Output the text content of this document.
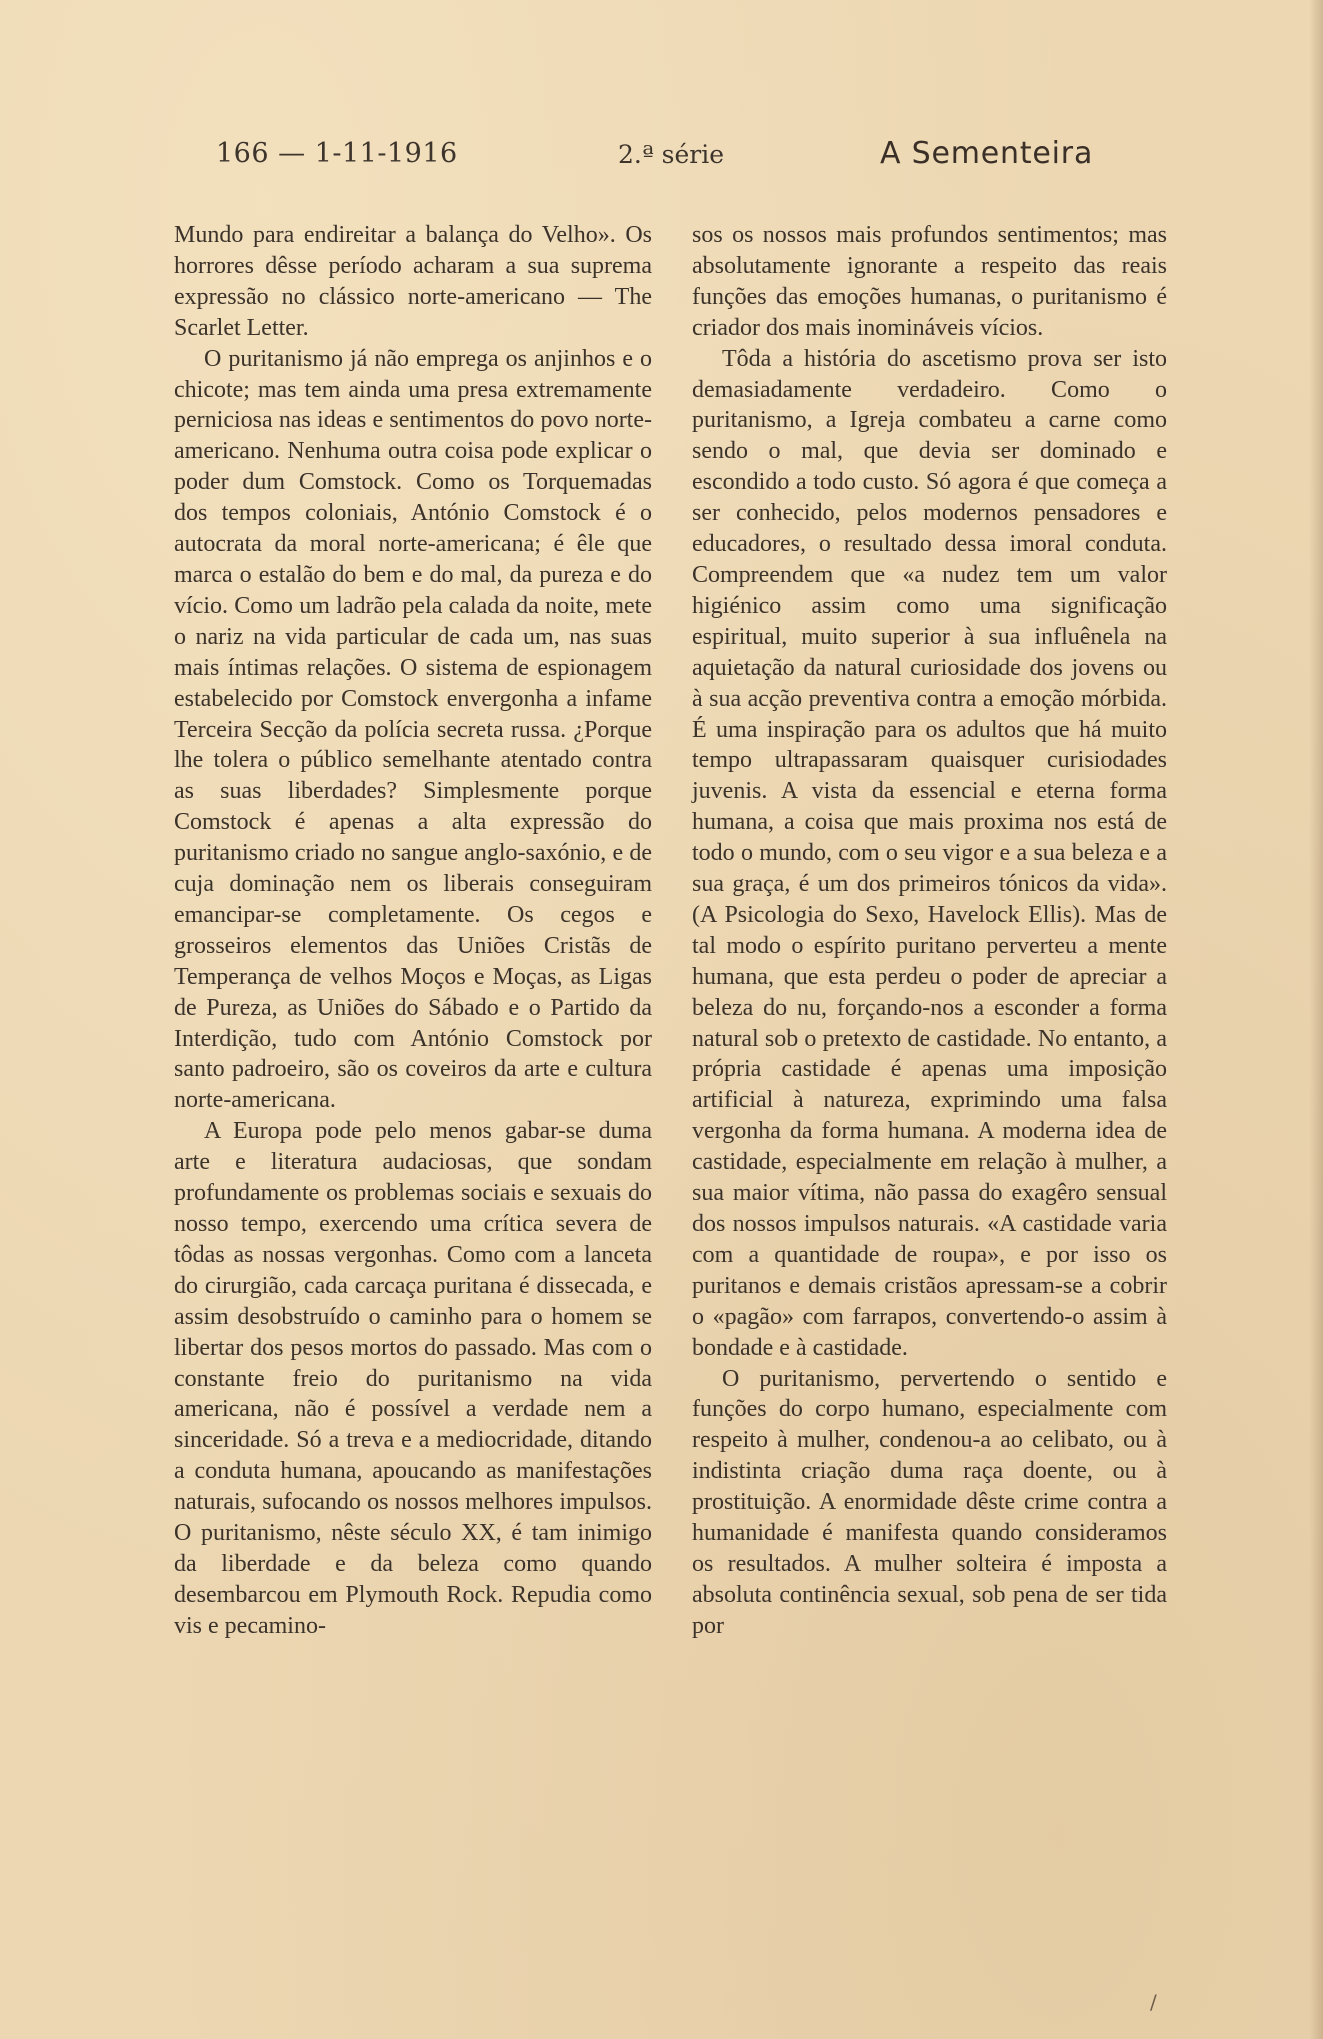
166 — 1-11-1916	2.ª série	A Sementeira

Mundo para endireitar a balança do Velho». Os horrores dêsse período acharam a sua suprema expressão no clássico norte-americano — The Scarlet Letter.

O puritanismo já não emprega os anjinhos e o chicote; mas tem ainda uma presa extremamente perniciosa nas ideas e sentimentos do povo norte-americano. Nenhuma outra coisa pode explicar o poder dum Comstock. Como os Torquemadas dos tempos coloniais, António Comstock é o autocrata da moral norte-americana; é êle que marca o estalão do bem e do mal, da pureza e do vício. Como um ladrão pela calada da noite, mete o nariz na vida particular de cada um, nas suas mais íntimas relações. O sistema de espionagem estabelecido por Comstock envergonha a infame Terceira Secção da polícia secreta russa. ¿Porque lhe tolera o público semelhante atentado contra as suas liberdades? Simplesmente porque Comstock é apenas a alta expressão do puritanismo criado no sangue anglo-saxónio, e de cuja dominação nem os liberais conseguiram emancipar-se completamente. Os cegos e grosseiros elementos das Uniões Cristãs de Temperança de velhos Moços e Moças, as Ligas de Pureza, as Uniões do Sábado e o Partido da Interdição, tudo com António Comstock por santo padroeiro, são os coveiros da arte e cultura norte-americana.

A Europa pode pelo menos gabar-se duma arte e literatura audaciosas, que sondam profundamente os problemas sociais e sexuais do nosso tempo, exercendo uma crítica severa de tôdas as nossas vergonhas. Como com a lanceta do cirurgião, cada carcaça puritana é dissecada, e assim desobstruído o caminho para o homem se libertar dos pesos mortos do passado. Mas com o constante freio do puritanismo na vida americana, não é possível a verdade nem a sinceridade. Só a treva e a mediocridade, ditando a conduta humana, apoucando as manifestações naturais, sufocando os nossos melhores impulsos. O puritanismo, nêste século XX, é tam inimigo da liberdade e da beleza como quando desembarcou em Plymouth Rock. Repudia como vis e pecamino-

sos os nossos mais profundos sentimentos; mas absolutamente ignorante a respeito das reais funções das emoções humanas, o puritanismo é criador dos mais inomináveis vícios.

Tôda a história do ascetismo prova ser isto demasiadamente verdadeiro. Como o puritanismo, a Igreja combateu a carne como sendo o mal, que devia ser dominado e escondido a todo custo. Só agora é que começa a ser conhecido, pelos modernos pensadores e educadores, o resultado dessa imoral conduta. Compreendem que «a nudez tem um valor higiénico assim como uma significação espiritual, muito superior à sua influênela na aquietação da natural curiosidade dos jovens ou à sua acção preventiva contra a emoção mórbida. É uma inspiração para os adultos que há muito tempo ultrapassaram quaisquer curisiodades juvenis. A vista da essencial e eterna forma humana, a coisa que mais proxima nos está de todo o mundo, com o seu vigor e a sua beleza e a sua graça, é um dos primeiros tónicos da vida». (A Psicologia do Sexo, Havelock Ellis). Mas de tal modo o espírito puritano perverteu a mente humana, que esta perdeu o poder de apreciar a beleza do nu, forçando-nos a esconder a forma natural sob o pretexto de castidade. No entanto, a própria castidade é apenas uma imposição artificial à natureza, exprimindo uma falsa vergonha da forma humana. A moderna idea de castidade, especialmente em relação à mulher, a sua maior vítima, não passa do exagêro sensual dos nossos impulsos naturais. «A castidade varia com a quantidade de roupa», e por isso os puritanos e demais cristãos apressam-se a cobrir o «pagão» com farrapos, convertendo-o assim à bondade e à castidade.

O puritanismo, pervertendo o sentido e funções do corpo humano, especialmente com respeito à mulher, condenou-a ao celibato, ou à indistinta criação duma raça doente, ou à prostituição. A enormidade dêste crime contra a humanidade é manifesta quando consideramos os resultados. A mulher solteira é imposta a absoluta continência sexual, sob pena de ser tida por

/
